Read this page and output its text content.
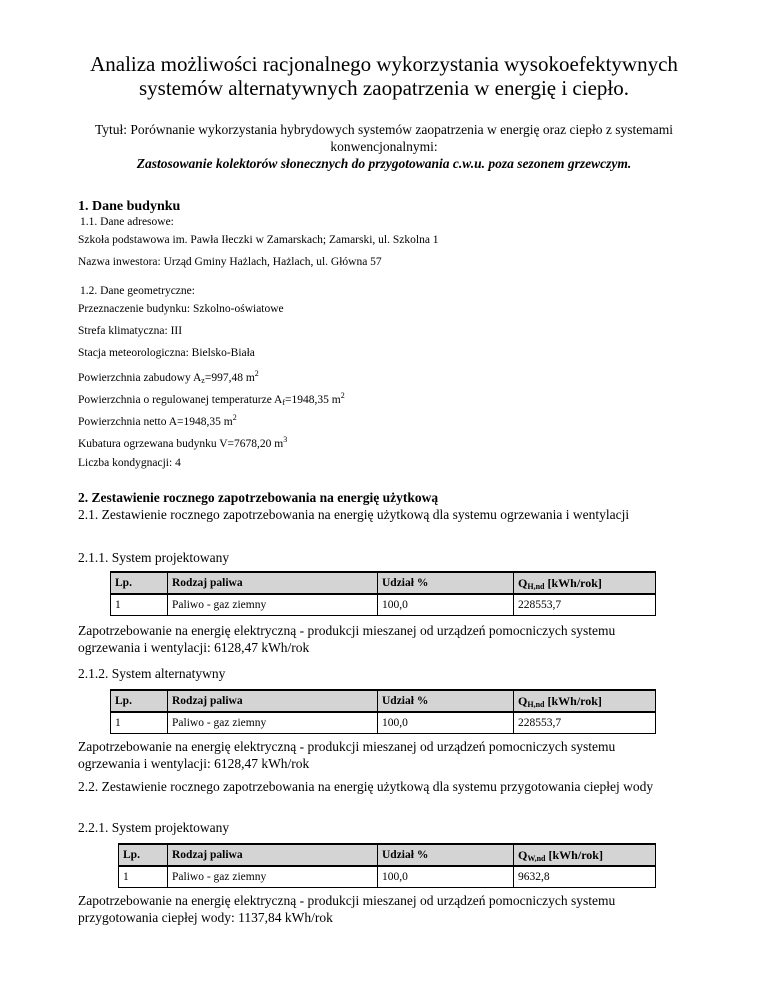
Analiza możliwości racjonalnego wykorzystania wysokoefektywnych systemów alternatywnych zaopatrzenia w energię i ciepło.
Tytuł: Porównanie wykorzystania hybrydowych systemów zaopatrzenia w energię oraz ciepło z systemami konwencjonalnymi:
Zastosowanie kolektorów słonecznych do przygotowania c.w.u. poza sezonem grzewczym.
1. Dane budynku
1.1. Dane adresowe:
Szkoła podstawowa im. Pawła Iłeczki w Zamarskach; Zamarski, ul. Szkolna 1
Nazwa inwestora: Urząd Gminy Hażlach, Hażlach, ul. Główna 57
1.2. Dane geometryczne:
Przeznaczenie budynku: Szkolno-oświatowe
Strefa klimatyczna: III
Stacja meteorologiczna: Bielsko-Biała
Powierzchnia zabudowy $A_z=997,48$ $m^2$
Powierzchnia o regulowanej temperaturze $A_f=1948,35$ $m^2$
Powierzchnia netto A=1948,35 $m^2$
Kubatura ogrzewana budynku V=7678,20 $m^3$
Liczba kondygnacji: 4
2. Zestawienie rocznego zapotrzebowania na energię użytkową
2.1. Zestawienie rocznego zapotrzebowania na energię użytkową dla systemu ogrzewania i wentylacji
2.1.1. System projektowany
Lp.	Rodzaj paliwa	Udział %	$Q_{H,nd}$ [kWh/rok]
1	Paliwo - gaz ziemny	100,0	228553,7
Zapotrzebowanie na energię elektryczną - produkcji mieszanej od urządzeń pomocniczych systemu ogrzewania i wentylacji: 6128,47 kWh/rok
2.1.2. System alternatywny
Lp.	Rodzaj paliwa	Udział %	$Q_{H,nd}$ [kWh/rok]
1	Paliwo - gaz ziemny	100,0	228553,7
Zapotrzebowanie na energię elektryczną - produkcji mieszanej od urządzeń pomocniczych systemu ogrzewania i wentylacji: 6128,47 kWh/rok
2.2. Zestawienie rocznego zapotrzebowania na energię użytkową dla systemu przygotowania ciepłej wody
2.2.1. System projektowany
Lp.	Rodzaj paliwa	Udział %	$Q_{W,nd}$ [kWh/rok]
1	Paliwo - gaz ziemny	100,0	9632,8
Zapotrzebowanie na energię elektryczną - produkcji mieszanej od urządzeń pomocniczych systemu przygotowania ciepłej wody: 1137,84 kWh/rok
